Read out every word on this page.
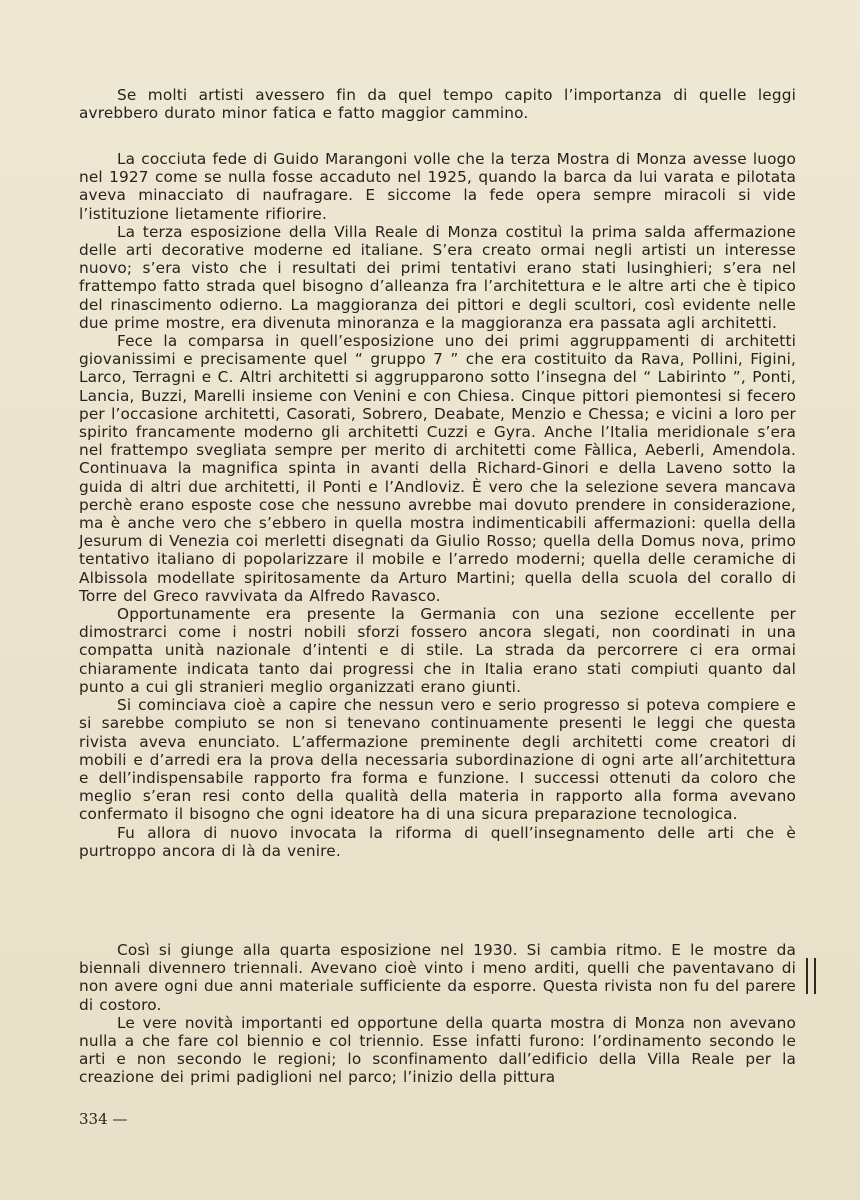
Se molti artisti avessero fin da quel tempo capito l’importanza di quelle leggi avrebbero durato minor fatica e fatto maggior cammino.

La cocciuta fede di Guido Marangoni volle che la terza Mostra di Monza avesse luogo nel 1927 come se nulla fosse accaduto nel 1925, quando la barca da lui varata e pilotata aveva minacciato di naufragare. E siccome la fede opera sempre miracoli si vide l’istituzione lietamente rifiorire.

La terza esposizione della Villa Reale di Monza costituì la prima salda affermazione delle arti decorative moderne ed italiane. S’era creato ormai negli artisti un interesse nuovo; s’era visto che i resultati dei primi tentativi erano stati lusinghieri; s’era nel frattempo fatto strada quel bisogno d’alleanza fra l’architettura e le altre arti che è tipico del rinascimento odierno. La maggioranza dei pittori e degli scultori, così evidente nelle due prime mostre, era divenuta minoranza e la maggioranza era passata agli architetti.

Fece la comparsa in quell’esposizione uno dei primi aggruppamenti di architetti giovanissimi e precisamente quel “ gruppo 7 ” che era costituito da Rava, Pollini, Figini, Larco, Terragni e C. Altri architetti si aggrupparono sotto l’insegna del “ Labirinto ”, Ponti, Lancia, Buzzi, Marelli insieme con Venini e con Chiesa. Cinque pittori piemontesi si fecero per l’occasione architetti, Casorati, Sobrero, Deabate, Menzio e Chessa; e vicini a loro per spirito francamente moderno gli architetti Cuzzi e Gyra. Anche l’Italia meridionale s’era nel frattempo svegliata sempre per merito di architetti come Fàllica, Aeberli, Amendola. Continuava la magnifica spinta in avanti della Richard-Ginori e della Laveno sotto la guida di altri due architetti, il Ponti e l’Andloviz. È vero che la selezione severa mancava perchè erano esposte cose che nessuno avrebbe mai dovuto prendere in considerazione, ma è anche vero che s’ebbero in quella mostra indimenticabili affermazioni: quella della Jesurum di Venezia coi merletti disegnati da Giulio Rosso; quella della Domus nova, primo tentativo italiano di popolarizzare il mobile e l’arredo moderni; quella delle ceramiche di Albissola modellate spiritosamente da Arturo Martini; quella della scuola del corallo di Torre del Greco ravvivata da Alfredo Ravasco.

Opportunamente era presente la Germania con una sezione eccellente per dimostrarci come i nostri nobili sforzi fossero ancora slegati, non coordinati in una compatta unità nazionale d’intenti e di stile. La strada da percorrere ci era ormai chiaramente indicata tanto dai progressi che in Italia erano stati compiuti quanto dal punto a cui gli stranieri meglio organizzati erano giunti.

Si cominciava cioè a capire che nessun vero e serio progresso si poteva compiere e si sarebbe compiuto se non si tenevano continuamente presenti le leggi che questa rivista aveva enunciato. L’affermazione preminente degli architetti come creatori di mobili e d’arredi era la prova della necessaria subordinazione di ogni arte all’architettura e dell’indispensabile rapporto fra forma e funzione. I successi ottenuti da coloro che meglio s’eran resi conto della qualità della materia in rapporto alla forma avevano confermato il bisogno che ogni ideatore ha di una sicura preparazione tecnologica.

Fu allora di nuovo invocata la riforma di quell’insegnamento delle arti che è purtroppo ancora di là da venire.

Così si giunge alla quarta esposizione nel 1930. Si cambia ritmo. E le mostre da biennali divennero triennali. Avevano cioè vinto i meno arditi, quelli che paventavano di non avere ogni due anni materiale sufficiente da esporre. Questa rivista non fu del parere di costoro.

Le vere novità importanti ed opportune della quarta mostra di Monza non avevano nulla a che fare col biennio e col triennio. Esse infatti furono: l’ordinamento secondo le arti e non secondo le regioni; lo sconfinamento dall’edificio della Villa Reale per la creazione dei primi padiglioni nel parco; l’inizio della pittura

334 —
